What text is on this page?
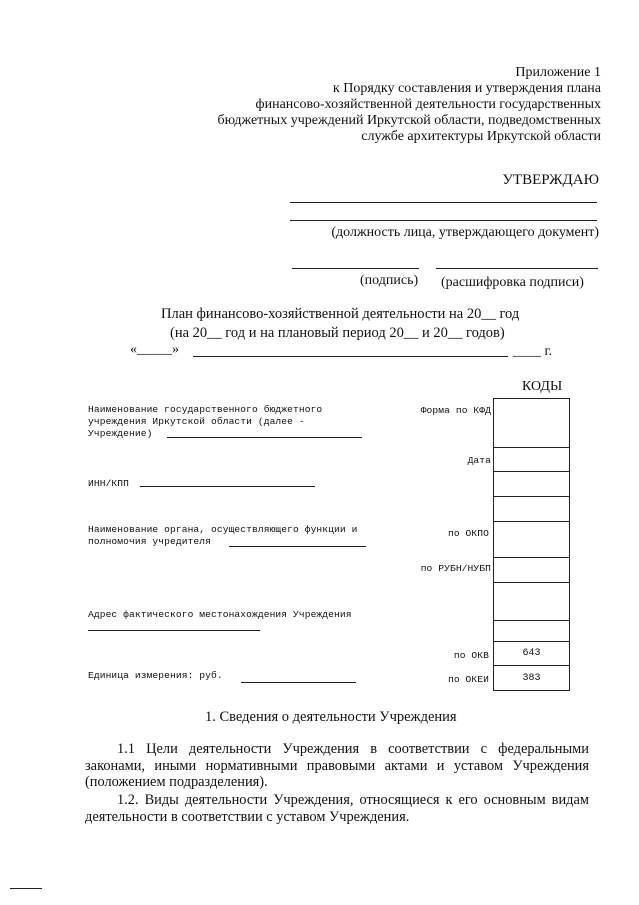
Приложение 1
к Порядку составления и утверждения плана
финансово-хозяйственной деятельности государственных
бюджетных учреждений Иркутской области, подведомственных
службе архитектуры Иркутской области
УТВЕРЖДАЮ
(должность лица, утверждающего документ)
(подпись) (расшифровка подписи)
План финансово-хозяйственной деятельности на 20__ год
(на 20__ год и на плановый период 20__ и 20__ годов)
«_____»	____ г.
КОДЫ
Наименование государственного бюджетного
учреждения Иркутской области (далее -
Учреждение)
ИНН/КПП
Наименование органа, осуществляющего функции и
полномочия учредителя
Адрес фактического местонахождения Учреждения
Единица измерения: руб.
Форма по КФД
Дата
по ОКПО
по РУБН/НУБП
по ОКВ
по ОКЕИ
643
383
1. Сведения о деятельности Учреждения
1.1 Цели деятельности Учреждения в соответствии с федеральными законами, иными нормативными правовыми актами и уставом Учреждения (положением подразделения).
1.2. Виды деятельности Учреждения, относящиеся к его основным видам деятельности в соответствии с уставом Учреждения.
